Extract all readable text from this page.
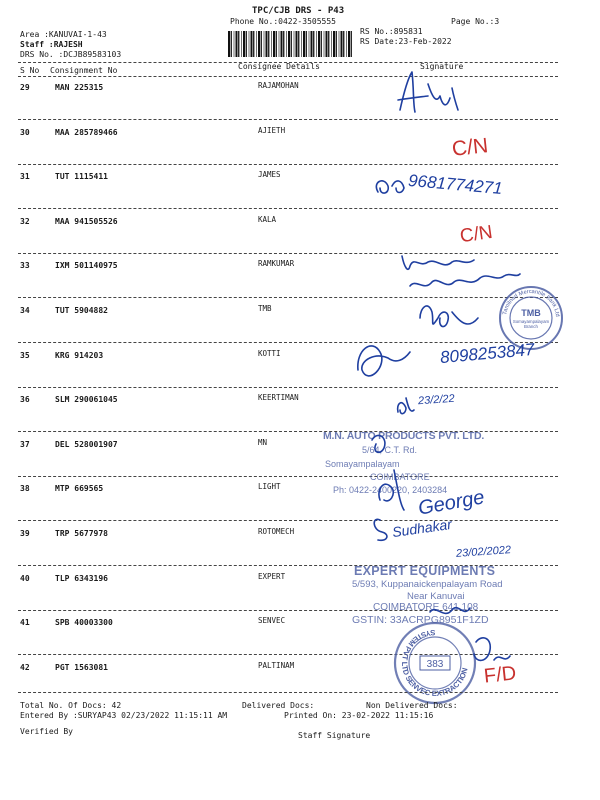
TPC/CJB DRS - P43
Phone No.:0422-3505555	Page No.:3
Area :KANUVAI-1-43
Staff :RAJESH
DRS No. :DCJB89583103
RS No.:895831
RS Date:23-Feb-2022
S No Consignment No	Consignee Details	Signature
29	MAN 225315	RAJAMOHAN
30	MAA 285789466	AJIETH
31	TUT 1115411	JAMES
32	MAA 941505526	KALA
33	IXM 501140975	RAMKUMAR
34	TUT 5904882	TMB
35	KRG 914203	KOTTI
36	SLM 290061045	KEERTIMAN
37	DEL 528001907	MN
38	MTP 669565	LIGHT
39	TRP 5677978	ROTOMECH
40	TLP 6343196	EXPERT
41	SPB 40003300	SENVEC
42	PGT 1563081	PALTINAM
M.N. AUTO PRODUCTS PVT. LTD.
5/64, C.T. Rd.
Somayampalayam
COIMBATORE
Ph: 0422-2400220, 2403284
EXPERT EQUIPMENTS
5/593, Kuppanaickenpalayam Road
Near Kanuvai
COIMBATORE 641 108
GSTIN: 33ACRPG8951F1ZD
Tamilnad Mercantile Bank Ltd
TMB
Somayampalayam
Branch
SYSTEM PVT LTD SENVEC EXTRACTION
383
C/N
9681774271
C/N
8098253847
23/2/22
George
Sudhakar
23/02/2022
F/D
Total No. Of Docs: 42	Delivered Docs:	Non Delivered Docs:
Entered By :SURYAP43 02/23/2022 11:15:11 AM	Printed On: 23-02-2022 11:15:16
Verified By	Staff Signature
